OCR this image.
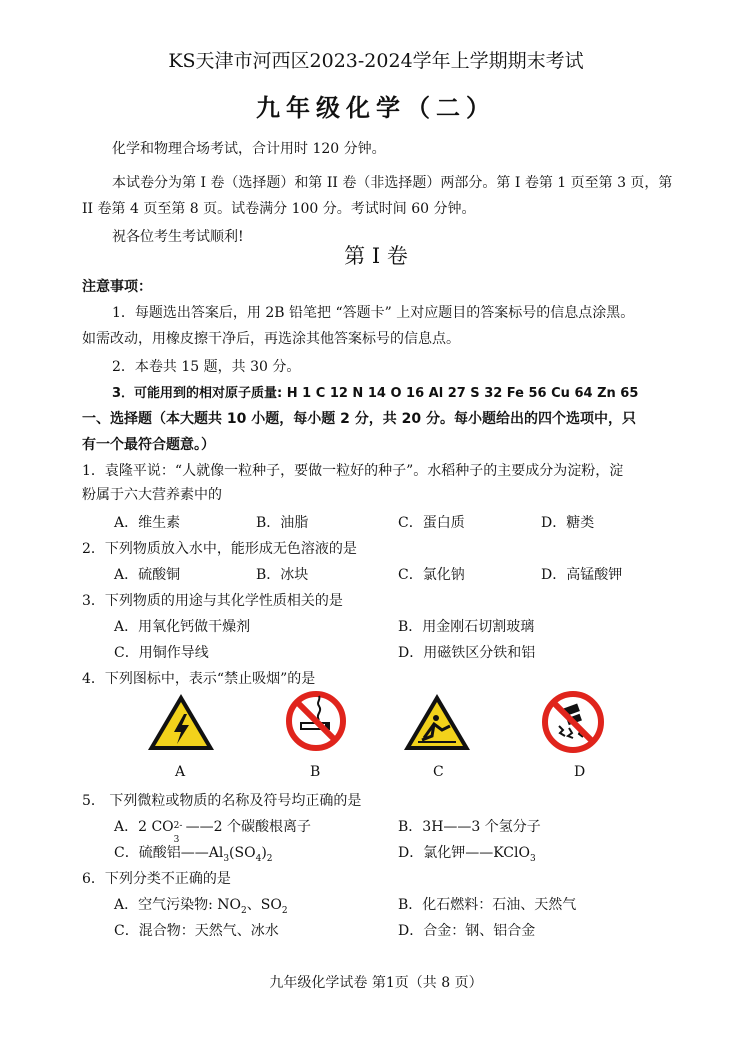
KS天津市河西区2023-2024学年上学期期末考试
九年级化学（二）
化学和物理合场考试，合计用时 120 分钟。
本试卷分为第 I 卷（选择题）和第 II 卷（非选择题）两部分。第 I 卷第 1 页至第 3 页，第
II 卷第 4 页至第 8 页。试卷满分 100 分。考试时间 60 分钟。
祝各位考生考试顺利!
第 I 卷
注意事项：
1．每题选出答案后，用 2B 铅笔把 “答题卡” 上对应题目的答案标号的信息点涂黑。
如需改动，用橡皮擦干净后，再选涂其他答案标号的信息点。
2．本卷共 15 题，共 30 分。
3．可能用到的相对原子质量: H 1 C 12 N 14 O 16 Al 27 S 32 Fe 56 Cu 64 Zn 65
一、选择题（本大题共 10 小题，每小题 2 分，共 20 分。每小题给出的四个选项中，只
有一个最符合题意。）
1．袁隆平说：“人就像一粒种子，要做一粒好的种子”。水稻种子的主要成分为淀粉，淀
粉属于六大营养素中的
A．维生素	B．油脂	C．蛋白质	D．糖类
2．下列物质放入水中，能形成无色溶液的是
A．硫酸铜	B．冰块	C．氯化钠	D．高锰酸钾
3．下列物质的用途与其化学性质相关的是
A．用氧化钙做干燥剂	B．用金刚石切割玻璃
C．用铜作导线	D．用磁铁区分铁和铝
4．下列图标中，表示“禁止吸烟”的是
A	B	C	D
5． 下列微粒或物质的名称及符号均正确的是
A．2 CO 2-
3
——2 个碳酸根离子	B．3H——3 个氢分子
C．硫酸铝$——Al_3(SO_4)_2$	D．氯化钾——KClO$_3$
6．下列分类不正确的是
A．空气污染物: $NO_2$、$SO_2$	B．化石燃料：石油、天然气
C．混合物：天然气、冰水	D．合金：钢、铝合金
九年级化学试卷 第1页（共 8 页）
